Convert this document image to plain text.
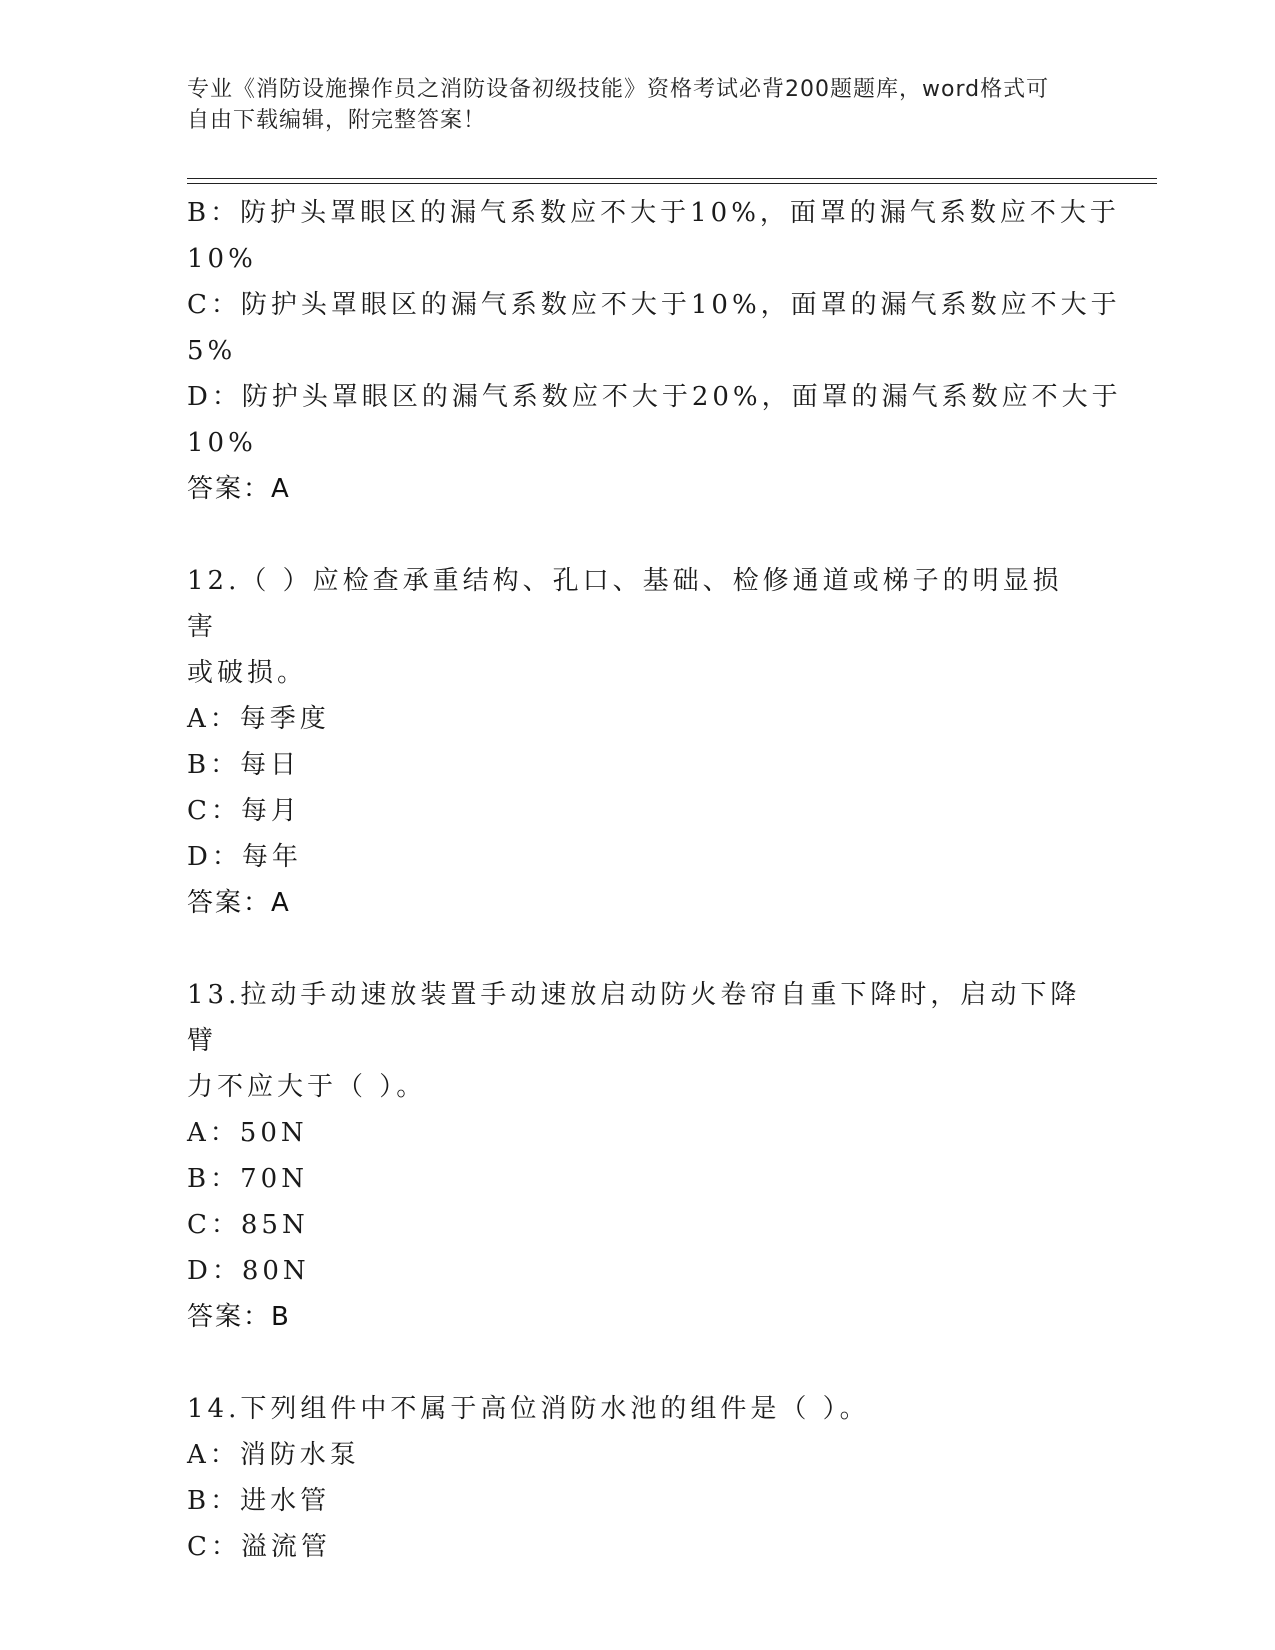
专业《消防设施操作员之消防设备初级技能》资格考试必背200题题库，word格式可自由下载编辑，附完整答案！
B：防护头罩眼区的漏气系数应不大于10%，面罩的漏气系数应不大于
10%
C：防护头罩眼区的漏气系数应不大于10%，面罩的漏气系数应不大于
5%
D：防护头罩眼区的漏气系数应不大于20%，面罩的漏气系数应不大于
10%
答案：A
12.（ ）应检查承重结构、孔口、基础、检修通道或梯子的明显损害
或破损。
A：每季度
B：每日
C：每月
D：每年
答案：A
13.拉动手动速放装置手动速放启动防火卷帘自重下降时，启动下降臂
力不应大于（ ）。
A：50N
B：70N
C：85N
D：80N
答案：B
14.下列组件中不属于高位消防水池的组件是（ ）。
A：消防水泵
B：进水管
C：溢流管
